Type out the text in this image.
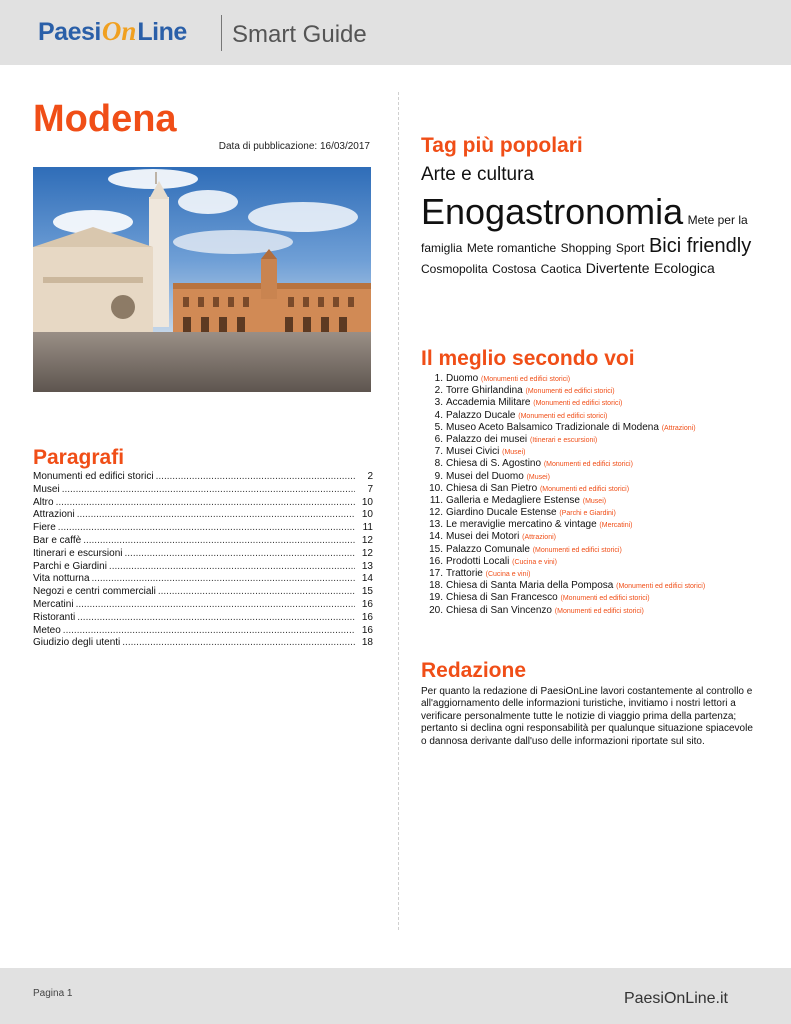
Paesi On Line Smart Guide
Modena
Data di pubblicazione: 16/03/2017
Paragrafi
Monumenti ed edifici storici .....	2
Musei .....	7
Altro .....	10
Attrazioni .....	10
Fiere .....	11
Bar e caffè .....	12
Itinerari e escursioni .....	12
Parchi e Giardini .....	13
Vita notturna .....	14
Negozi e centri commerciali .....	15
Mercatini .....	16
Ristoranti .....	16
Meteo .....	16
Giudizio degli utenti .....	18
Tag più popolari
Arte e cultura
Enogastronomia Mete per la famiglia Mete romantiche Shopping Sport Bici friendly Cosmopolita Costosa Caotica Divertente Ecologica
Il meglio secondo voi
1. Duomo (Monumenti ed edifici storici)
2. Torre Ghirlandina (Monumenti ed edifici storici)
3. Accademia Militare (Monumenti ed edifici storici)
4. Palazzo Ducale (Monumenti ed edifici storici)
5. Museo Aceto Balsamico Tradizionale di Modena (Attrazioni)
6. Palazzo dei musei (Itinerari e escursioni)
7. Musei Civici (Musei)
8. Chiesa di S. Agostino (Monumenti ed edifici storici)
9. Musei del Duomo (Musei)
10. Chiesa di San Pietro (Monumenti ed edifici storici)
11. Galleria e Medagliere Estense (Musei)
12. Giardino Ducale Estense (Parchi e Giardini)
13. Le meraviglie mercatino & vintage (Mercatini)
14. Musei dei Motori (Attrazioni)
15. Palazzo Comunale (Monumenti ed edifici storici)
16. Prodotti Locali (Cucina e vini)
17. Trattorie (Cucina e vini)
18. Chiesa di Santa Maria della Pomposa (Monumenti ed edifici storici)
19. Chiesa di San Francesco (Monumenti ed edifici storici)
20. Chiesa di San Vincenzo (Monumenti ed edifici storici)
Redazione
Per quanto la redazione di PaesiOnLine lavori costantemente al controllo e all'aggiornamento delle informazioni turistiche, invitiamo i nostri lettori a verificare personalmente tutte le notizie di viaggio prima della partenza; pertanto si declina ogni responsabilità per qualunque situazione spiacevole o dannosa derivante dall'uso delle informazioni riportate sul sito.
Pagina 1	PaesiOnLine.it
